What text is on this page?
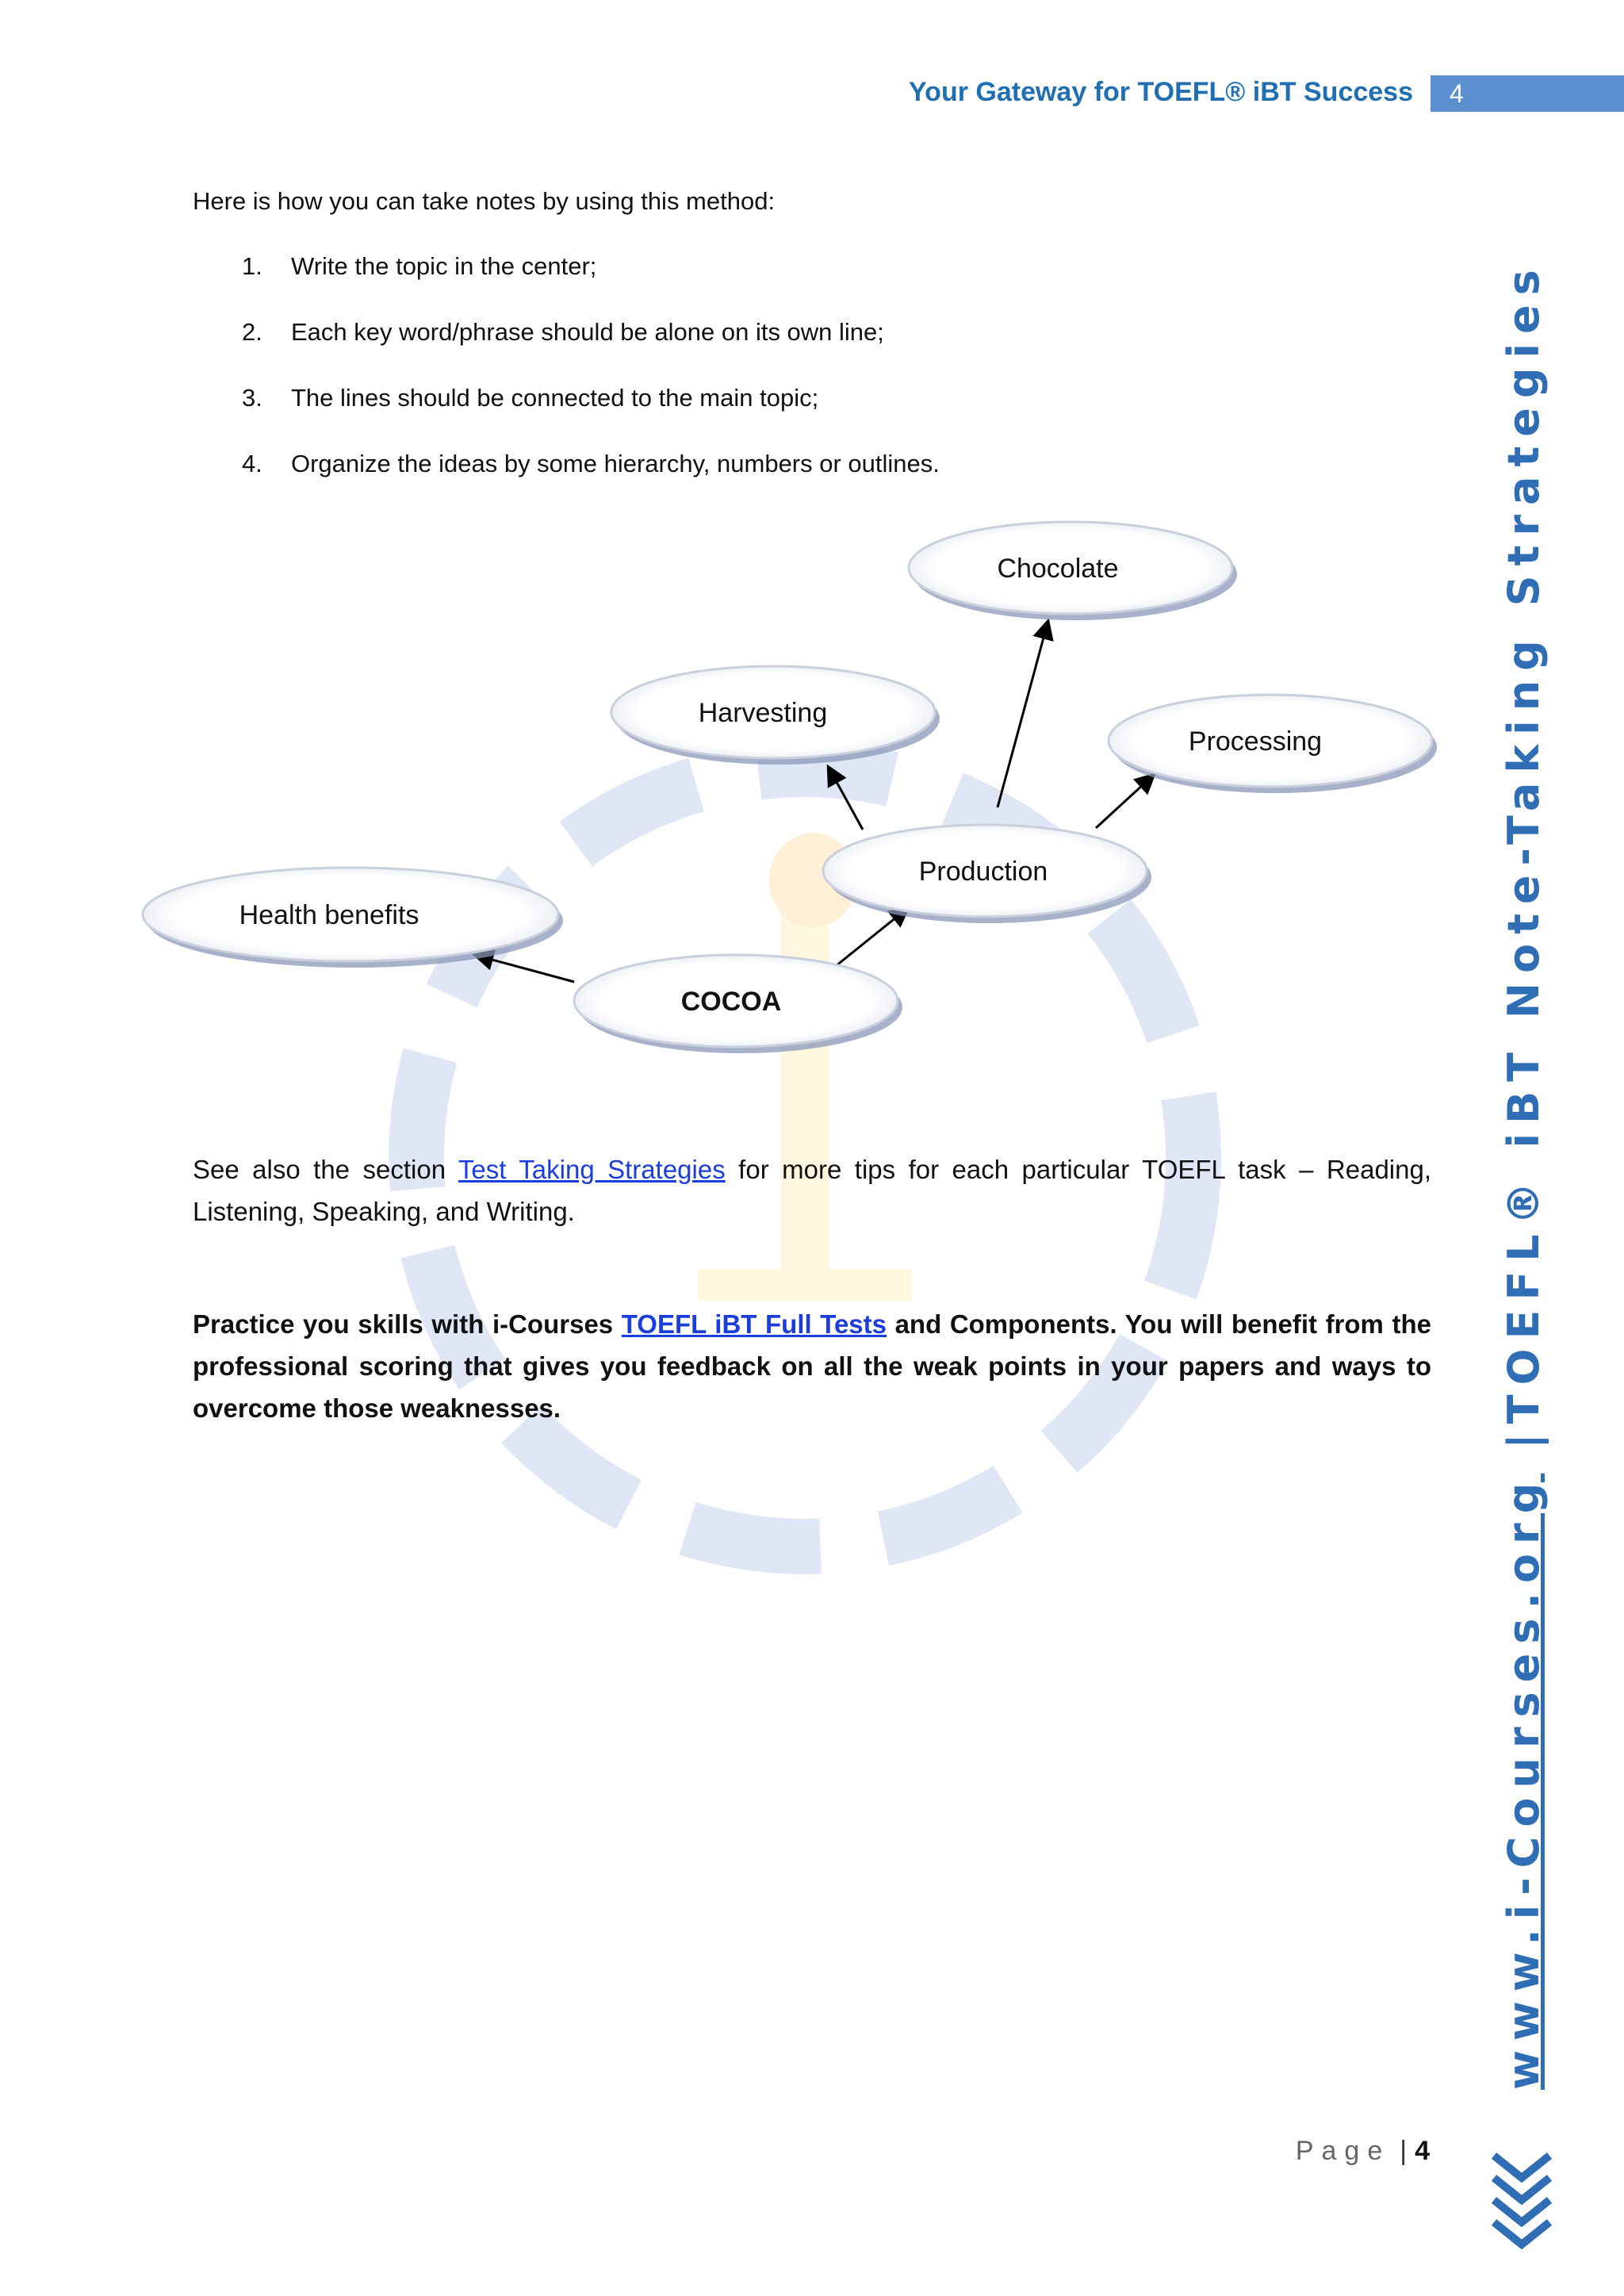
Your Gateway for TOEFL® iBT Success	4
Here is how you can take notes by using this method:
1.	Write the topic in the center;
2.	Each key word/phrase should be alone on its own line;
3.	The lines should be connected to the main topic;
4.	Organize the ideas by some hierarchy, numbers or outlines.
Chocolate
Harvesting
Processing
Production
Health benefits
COCOA

See also the section Test Taking Strategies for more tips for each particular TOEFL task – Reading, Listening, Speaking, and Writing.

Practice you skills with i-Courses TOEFL iBT Full Tests and Components. You will benefit from the professional scoring that gives you feedback on all the weak points in your papers and ways to overcome those weaknesses.

www.i-Courses.org |TOEFL® iBT Note-Taking Strategies
Page | 4
